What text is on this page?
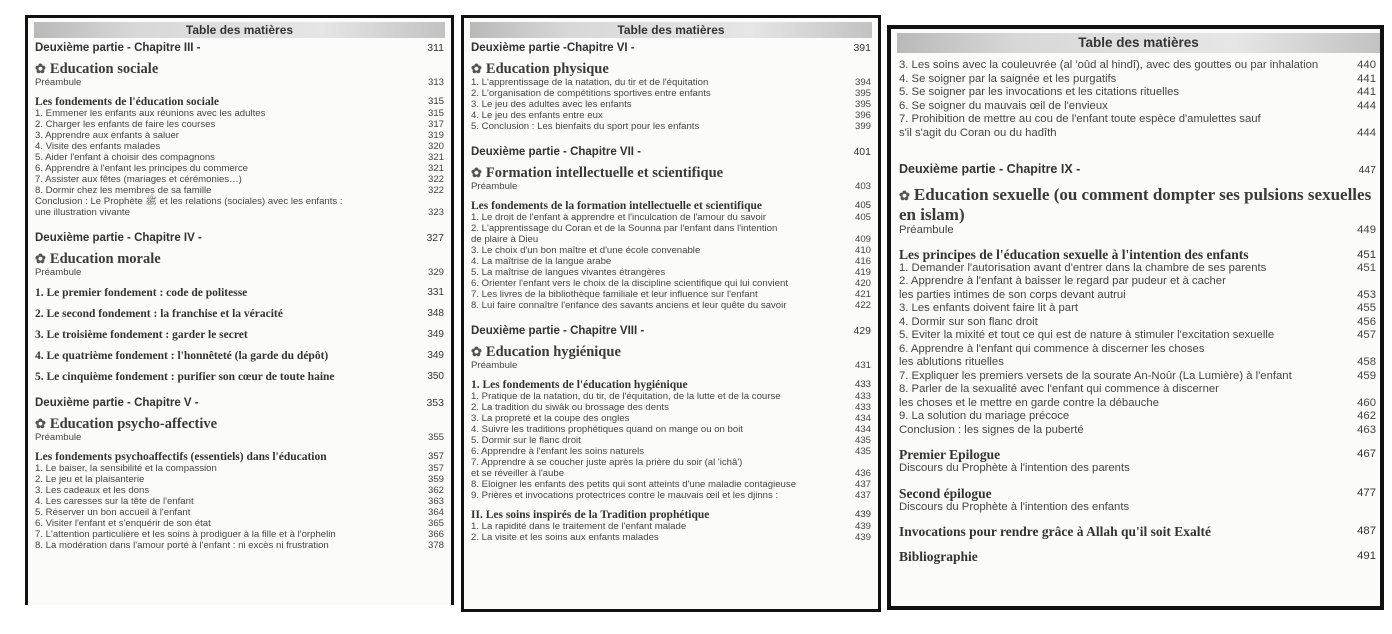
Table des matières
Deuxième partie - Chapitre III -	311
✿ Education sociale
Préambule	313
Les fondements de l'éducation sociale	315
1. Emmener les enfants aux réunions avec les adultes	315
2. Charger les enfants de faire les courses	317
3. Apprendre aux enfants à saluer	319
4. Visite des enfants malades	320
5. Aider l'enfant à choisir des compagnons	321
6. Apprendre à l'enfant les principes du commerce	321
7. Assister aux fêtes (mariages et cérémonies…)	322
8. Dormir chez les membres de sa famille	322
Conclusion : Le Prophète ﷺ et les relations (sociales) avec les enfants :
une illustration vivante	323
Deuxième partie - Chapitre IV -	327
✿ Education morale
Préambule	329
1. Le premier fondement : code de politesse	331
2. Le second fondement : la franchise et la véracité	348
3. Le troisième fondement : garder le secret	349
4. Le quatrième fondement : l'honnêteté (la garde du dépôt)	349
5. Le cinquième fondement : purifier son cœur de toute haine	350
Deuxième partie - Chapitre V -	353
✿ Education psycho-affective
Préambule	355
Les fondements psychoaffectifs (essentiels) dans l'éducation	357
1. Le baiser, la sensibilité et la compassion	357
2. Le jeu et la plaisanterie	359
3. Les cadeaux et les dons	362
4. Les caresses sur la tête de l'enfant	363
5. Réserver un bon accueil à l'enfant	364
6. Visiter l'enfant et s'enquérir de son état	365
7. L'attention particulière et les soins à prodiguer à la fille et à l'orphelin	366
8. La modération dans l'amour porté à l'enfant : ni excès ni frustration	378
Table des matières
Deuxième partie -Chapitre VI -	391
✿ Education physique
1. L'apprentissage de la natation, du tir et de l'équitation	394
2. L'organisation de compétitions sportives entre enfants	395
3. Le jeu des adultes avec les enfants	395
4. Le jeu des enfants entre eux	396
5. Conclusion : Les bienfaits du sport pour les enfants	399
Deuxième partie - Chapitre VII -	401
✿ Formation intellectuelle et scientifique
Préambule	403
Les fondements de la formation intellectuelle et scientifique	405
1. Le droit de l'enfant à apprendre et l'inculcation de l'amour du savoir	405
2. L'apprentissage du Coran et de la Sounna par l'enfant dans l'intention
de plaire à Dieu	409
3. Le choix d'un bon maître et d'une école convenable	410
4. La maîtrise de la langue arabe	416
5. La maîtrise de langues vivantes étrangères	419
6. Orienter l'enfant vers le choix de la discipline scientifique qui lui convient	420
7. Les livres de la bibliothèque familiale et leur influence sur l'enfant	421
8. Lui faire connaître l'enfance des savants anciens et leur quête du savoir	422
Deuxième partie - Chapitre VIII -	429
✿ Education hygiénique
Préambule	431
1. Les fondements de l'éducation hygiénique	433
1. Pratique de la natation, du tir, de l'équitation, de la lutte et de la course	433
2. La tradition du siwâk ou brossage des dents	433
3. La propreté et la coupe des ongles	434
4. Suivre les traditions prophétiques quand on mange ou on boit	434
5. Dormir sur le flanc droit	435
6. Apprendre à l'enfant les soins naturels	435
7. Apprendre à se coucher juste après la prière du soir (al 'ichâ')
et se réveiller à l'aube	436
8. Eloigner les enfants des petits qui sont atteints d'une maladie contagieuse	437
9. Prières et invocations protectrices contre le mauvais œil et les djinns :	437
II. Les soins inspirés de la Tradition prophétique	439
1. La rapidité dans le traitement de l'enfant malade	439
2. La visite et les soins aux enfants malades	439
Table des matières
3. Les soins avec la couleuvrée (al 'oûd al hindî), avec des gouttes ou par inhalation	440
4. Se soigner par la saignée et les purgatifs	441
5. Se soigner par les invocations et les citations rituelles	441
6. Se soigner du mauvais œil de l'envieux	444
7. Prohibition de mettre au cou de l'enfant toute espèce d'amulettes sauf
s'il s'agit du Coran ou du hadîth	444
Deuxième partie - Chapitre IX -	447
✿ Education sexuelle (ou comment dompter ses pulsions sexuelles en islam)
Préambule	449
Les principes de l'éducation sexuelle à l'intention des enfants	451
1. Demander l'autorisation avant d'entrer dans la chambre de ses parents	451
2. Apprendre à l'enfant à baisser le regard par pudeur et à cacher
les parties intimes de son corps devant autrui	453
3. Les enfants doivent faire lit à part	455
4. Dormir sur son flanc droit	456
5. Eviter la mixité et tout ce qui est de nature à stimuler l'excitation sexuelle	457
6. Apprendre à l'enfant qui commence à discerner les choses
les ablutions rituelles	458
7. Expliquer les premiers versets de la sourate An-Noûr (La Lumière) à l'enfant	459
8. Parler de la sexualité avec l'enfant qui commence à discerner
les choses et le mettre en garde contre la débauche	460
9. La solution du mariage précoce	462
Conclusion : les signes de la puberté	463
Premier Epilogue	467
Discours du Prophète à l'intention des parents
Second épilogue	477
Discours du Prophète à l'intention des enfants
Invocations pour rendre grâce à Allah qu'il soit Exalté	487
Bibliographie	491
